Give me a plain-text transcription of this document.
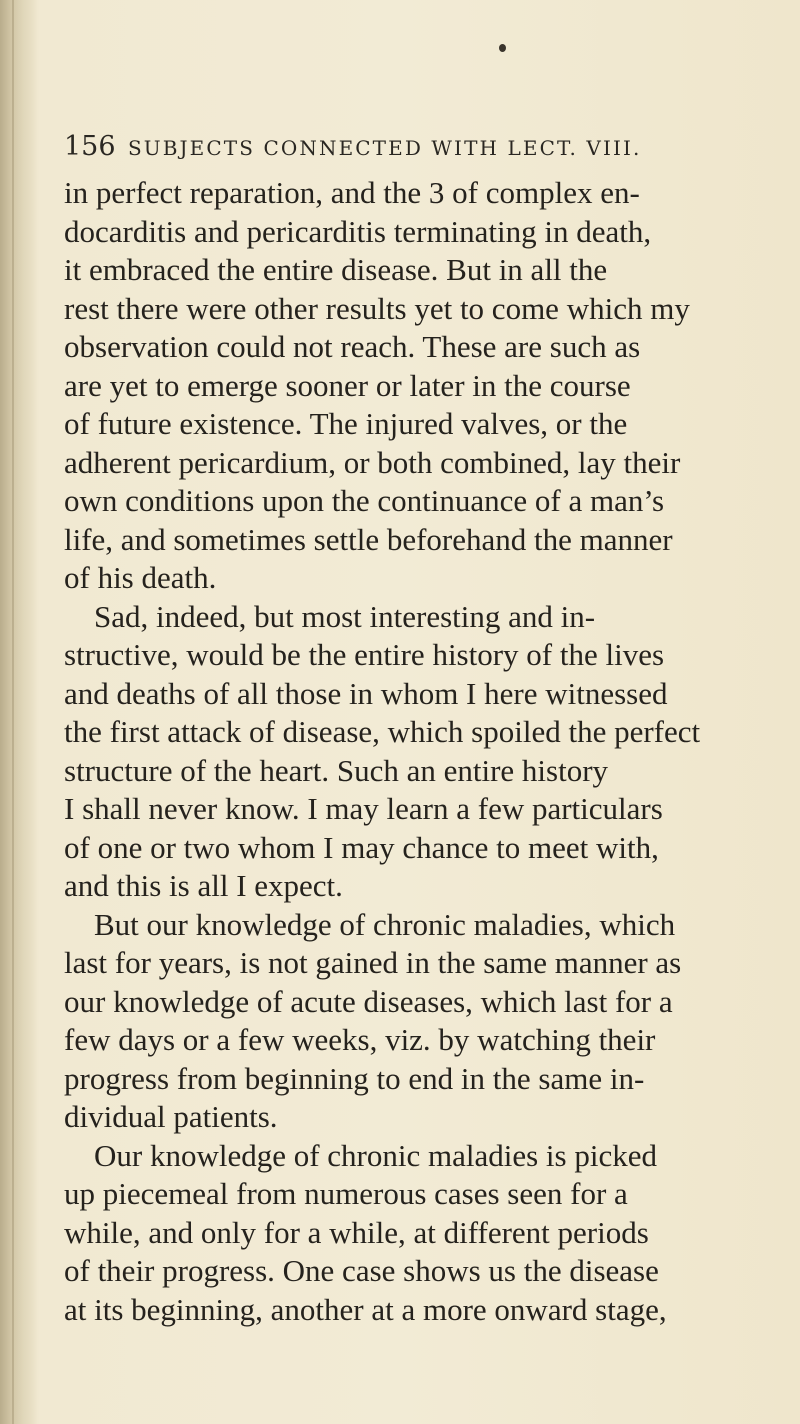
156 SUBJECTS CONNECTED WITH LECT. VIII.
in perfect reparation, and the 3 of complex en-
docarditis and pericarditis terminating in death,
it embraced the entire disease. But in all the
rest there were other results yet to come which my
observation could not reach. These are such as
are yet to emerge sooner or later in the course
of future existence. The injured valves, or the
adherent pericardium, or both combined, lay their
own conditions upon the continuance of a man’s
life, and sometimes settle beforehand the manner
of his death.
Sad, indeed, but most interesting and in-
structive, would be the entire history of the lives
and deaths of all those in whom I here witnessed
the first attack of disease, which spoiled the perfect
structure of the heart. Such an entire history
I shall never know. I may learn a few particulars
of one or two whom I may chance to meet with,
and this is all I expect.
But our knowledge of chronic maladies, which
last for years, is not gained in the same manner as
our knowledge of acute diseases, which last for a
few days or a few weeks, viz. by watching their
progress from beginning to end in the same in-
dividual patients.
Our knowledge of chronic maladies is picked
up piecemeal from numerous cases seen for a
while, and only for a while, at different periods
of their progress. One case shows us the disease
at its beginning, another at a more onward stage,
